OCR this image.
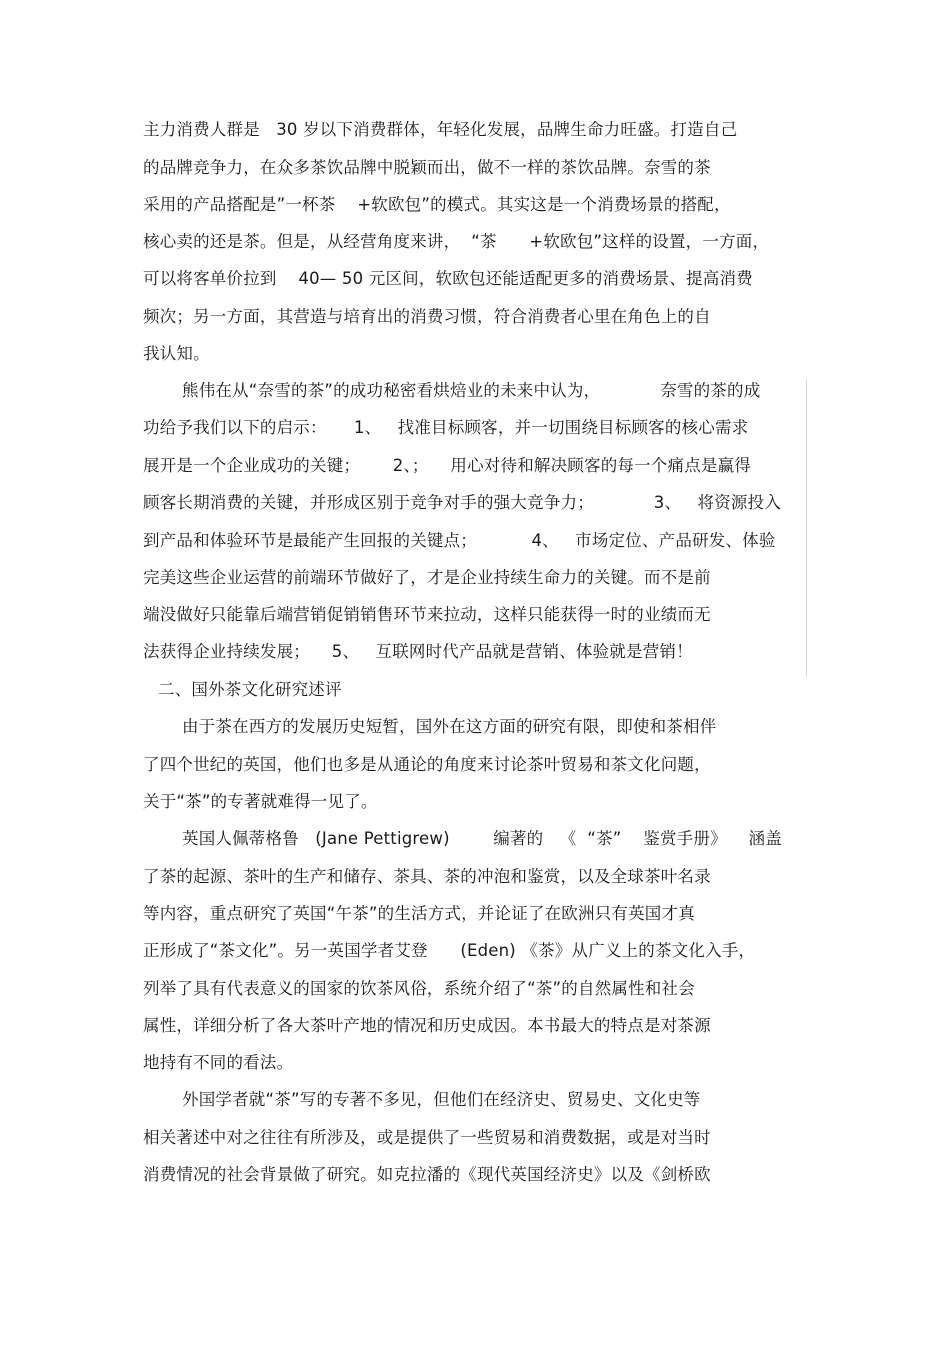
主力消费人群是   30 岁以下消费群体，年轻化发展，品牌生命力旺盛。打造自己
的品牌竞争力，在众多茶饮品牌中脱颖而出，做不一样的茶饮品牌。奈雪的茶
采用的产品搭配是”一杯茶    +软欧包”的模式。其实这是一个消费场景的搭配，
核心卖的还是茶。但是，从经营角度来讲，  “茶      +软欧包”这样的设置，一方面，
可以将客单价拉到    40— 50 元区间，软欧包还能适配更多的消费场景、提高消费
频次；另一方面，其营造与培育出的消费习惯，符合消费者心里在角色上的自
我认知。
熊伟在从“奈雪的茶”的成功秘密看烘焙业的未来中认为，           奈雪的茶的成
功给予我们以下的启示：     1、   找准目标顾客，并一切围绕目标顾客的核心需求
展开是一个企业成功的关键；      2、；    用心对待和解决顾客的每一个痛点是赢得
顾客长期消费的关键，并形成区别于竞争对手的强大竞争力；           3、   将资源投入
到产品和体验环节是最能产生回报的关键点；          4、   市场定位、产品研发、体验
完美这些企业运营的前端环节做好了，才是企业持续生命力的关键。而不是前
端没做好只能靠后端营销促销销售环节来拉动，这样只能获得一时的业绩而无
法获得企业持续发展；    5、   互联网时代产品就是营销、体验就是营销！
二、国外茶文化研究述评
由于茶在西方的发展历史短暂，国外在这方面的研究有限，即使和茶相伴
了四个世纪的英国，他们也多是从通论的角度来讨论茶叶贸易和茶文化问题，
关于“茶”的专著就难得一见了。
英国人佩蒂格鲁   (Jane Pettigrew)        编著的   《  “茶”    鉴赏手册》    涵盖
了茶的起源、茶叶的生产和储存、茶具、茶的冲泡和鉴赏，以及全球茶叶名录
等内容，重点研究了英国“午茶”的生活方式，并论证了在欧洲只有英国才真
正形成了“茶文化”。另一英国学者艾登      (Eden) 《茶》从广义上的茶文化入手，
列举了具有代表意义的国家的饮茶风俗，系统介绍了“茶”的自然属性和社会
属性，详细分析了各大茶叶产地的情况和历史成因。本书最大的特点是对茶源
地持有不同的看法。
外国学者就“茶”写的专著不多见，但他们在经济史、贸易史、文化史等
相关著述中对之往往有所涉及，或是提供了一些贸易和消费数据，或是对当时
消费情况的社会背景做了研究。如克拉潘的《现代英国经济史》以及《剑桥欧
